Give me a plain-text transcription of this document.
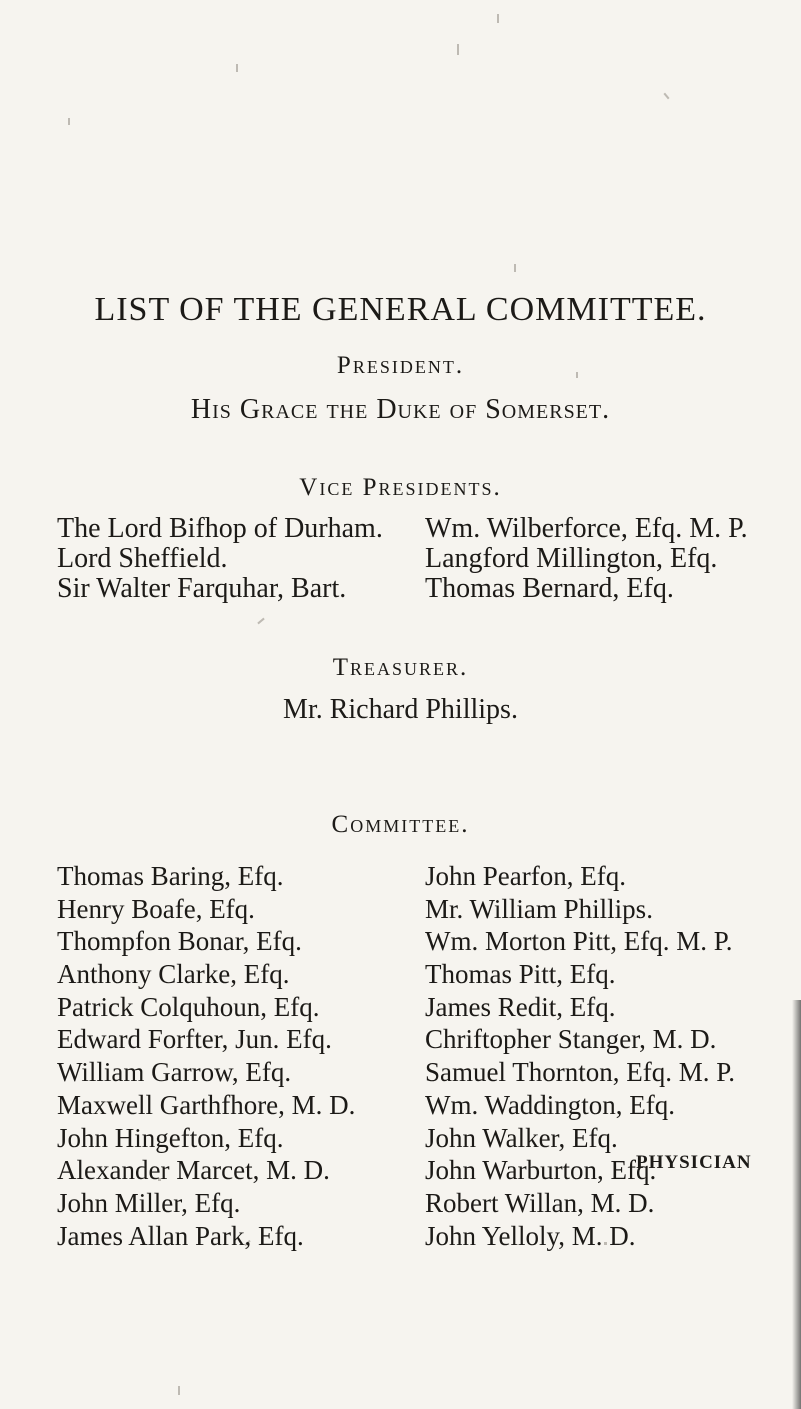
LIST OF THE GENERAL COMMITTEE.
President.
His Grace the Duke of Somerset.
Vice Presidents.
The Lord Bifhop of Durham.
Lord Sheffield.
Sir Walter Farquhar, Bart.
Wm. Wilberforce, Efq. M. P.
Langford Millington, Efq.
Thomas Bernard, Efq.
Treasurer.
Mr. Richard Phillips.
Committee.
Thomas Baring, Efq.
Henry Boafe, Efq.
Thompfon Bonar, Efq.
Anthony Clarke, Efq.
Patrick Colquhoun, Efq.
Edward Forfter, Jun. Efq.
William Garrow, Efq.
Maxwell Garthfhore, M. D.
John Hingefton, Efq.
Alexander Marcet, M. D.
John Miller, Efq.
James Allan Park, Efq.
John Pearfon, Efq.
Mr. William Phillips.
Wm. Morton Pitt, Efq. M. P.
Thomas Pitt, Efq.
James Redit, Efq.
Chriftopher Stanger, M. D.
Samuel Thornton, Efq. M. P.
Wm. Waddington, Efq.
John Walker, Efq.
John Warburton, Efq.
Robert Willan, M. D.
John Yelloly, M. D.
PHYSICIAN
